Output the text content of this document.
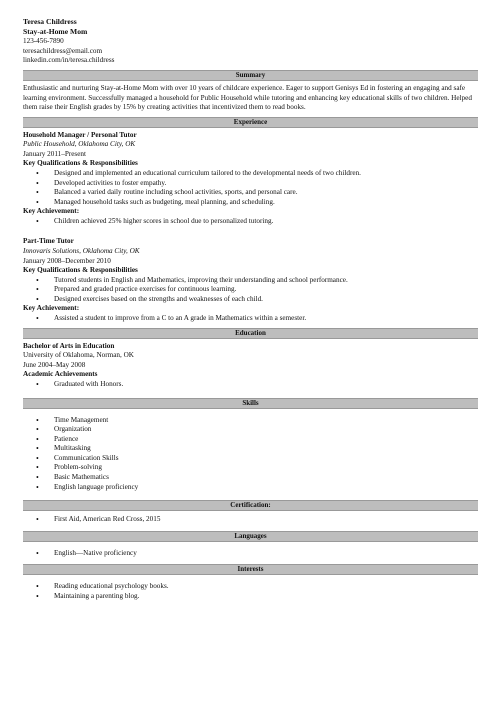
Teresa Childress

Stay-at-Home Mom

123-456-7890

teresachildress@email.com

linkedin.com/in/teresa.childress

Summary

Enthusiastic and nurturing Stay-at-Home Mom with over 10 years of childcare experience. Eager to support Genisys Ed in fostering an engaging and safe learning environment. Successfully managed a household for Public Household while tutoring and enhancing key educational skills of two children. Helped them raise their English grades by 15% by creating activities that incentivized them to read books.

Experience

Household Manager / Personal Tutor

Public Household, Oklahoma City, OK

January 2011–Present

Key Qualifications & Responsibilities

• Designed and implemented an educational curriculum tailored to the developmental needs of two children.
• Developed activities to foster empathy.
• Balanced a varied daily routine including school activities, sports, and personal care.
• Managed household tasks such as budgeting, meal planning, and scheduling.

Key Achievement:

• Children achieved 25% higher scores in school due to personalized tutoring.

Part-Time Tutor

Innovaris Solutions, Oklahoma City, OK

January 2008–December 2010

Key Qualifications & Responsibilities

• Tutored students in English and Mathematics, improving their understanding and school performance.
• Prepared and graded practice exercises for continuous learning.
• Designed exercises based on the strengths and weaknesses of each child.

Key Achievement:

• Assisted a student to improve from a C to an A grade in Mathematics within a semester.
Education

Bachelor of Arts in Education

University of Oklahoma, Norman, OK

June 2004–May 2008

Academic Achievements

• Graduated with Honors.
Skills
• Time Management
• Organization
• Patience
• Multitasking
• Communication Skills
• Problem-solving
• Basic Mathematics
• English language proficiency
Certification:
• First Aid, American Red Cross, 2015
Languages
• English—Native proficiency
Interests
• Reading educational psychology books.
• Maintaining a parenting blog.
